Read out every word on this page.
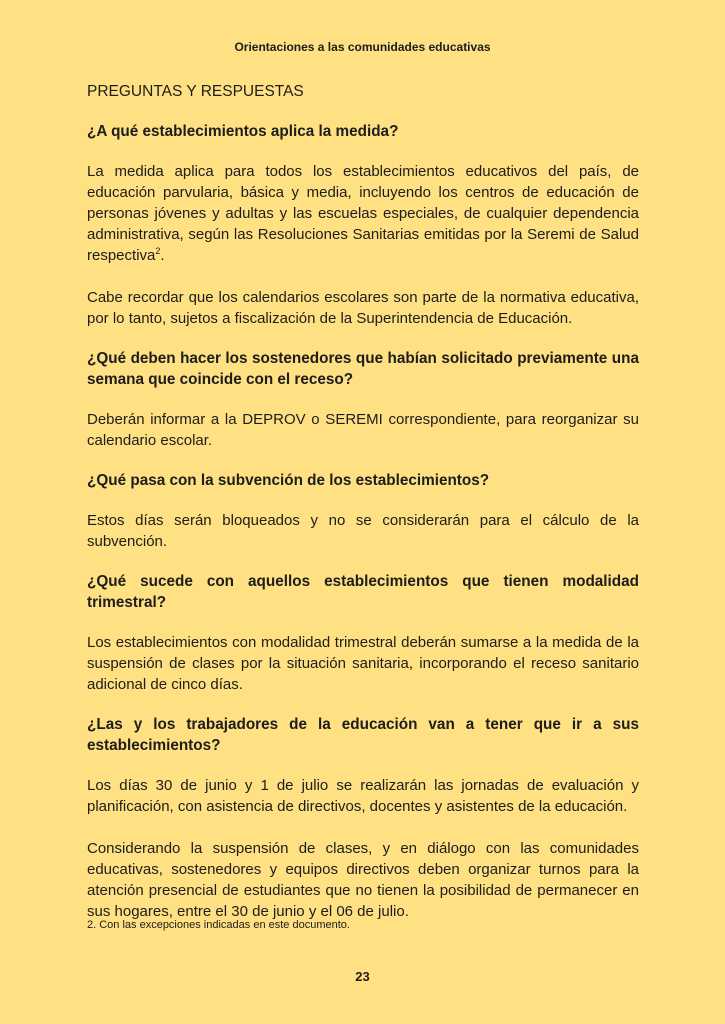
Orientaciones a las comunidades educativas
PREGUNTAS Y RESPUESTAS

¿A qué establecimientos aplica la medida?

La medida aplica para todos los establecimientos educativos del país, de educación parvularia, básica y media, incluyendo los centros de educación de personas jóvenes y adultas y las escuelas especiales, de cualquier dependencia administrativa, según las Resoluciones Sanitarias emitidas por la Seremi de Salud respectiva$^2$.

Cabe recordar que los calendarios escolares son parte de la normativa educativa, por lo tanto, sujetos a fiscalización de la Superintendencia de Educación.

¿Qué deben hacer los sostenedores que habían solicitado previamente una semana que coincide con el receso?

Deberán informar a la DEPROV o SEREMI correspondiente, para reorganizar su calendario escolar.

¿Qué pasa con la subvención de los establecimientos?

Estos días serán bloqueados y no se considerarán para el cálculo de la subvención.

¿Qué sucede con aquellos establecimientos que tienen modalidad trimestral?

Los establecimientos con modalidad trimestral deberán sumarse a la medida de la suspensión de clases por la situación sanitaria, incorporando el receso sanitario adicional de cinco días.

¿Las y los trabajadores de la educación van a tener que ir a sus establecimientos?

Los días 30 de junio y 1 de julio se realizarán las jornadas de evaluación y planificación, con asistencia de directivos, docentes y asistentes de la educación.

Considerando la suspensión de clases, y en diálogo con las comunidades educativas, sostenedores y equipos directivos deben organizar turnos para la atención presencial de estudiantes que no tienen la posibilidad de permanecer en sus hogares, entre el 30 de junio y el 06 de julio.

2. Con las excepciones indicadas en este documento.
23
